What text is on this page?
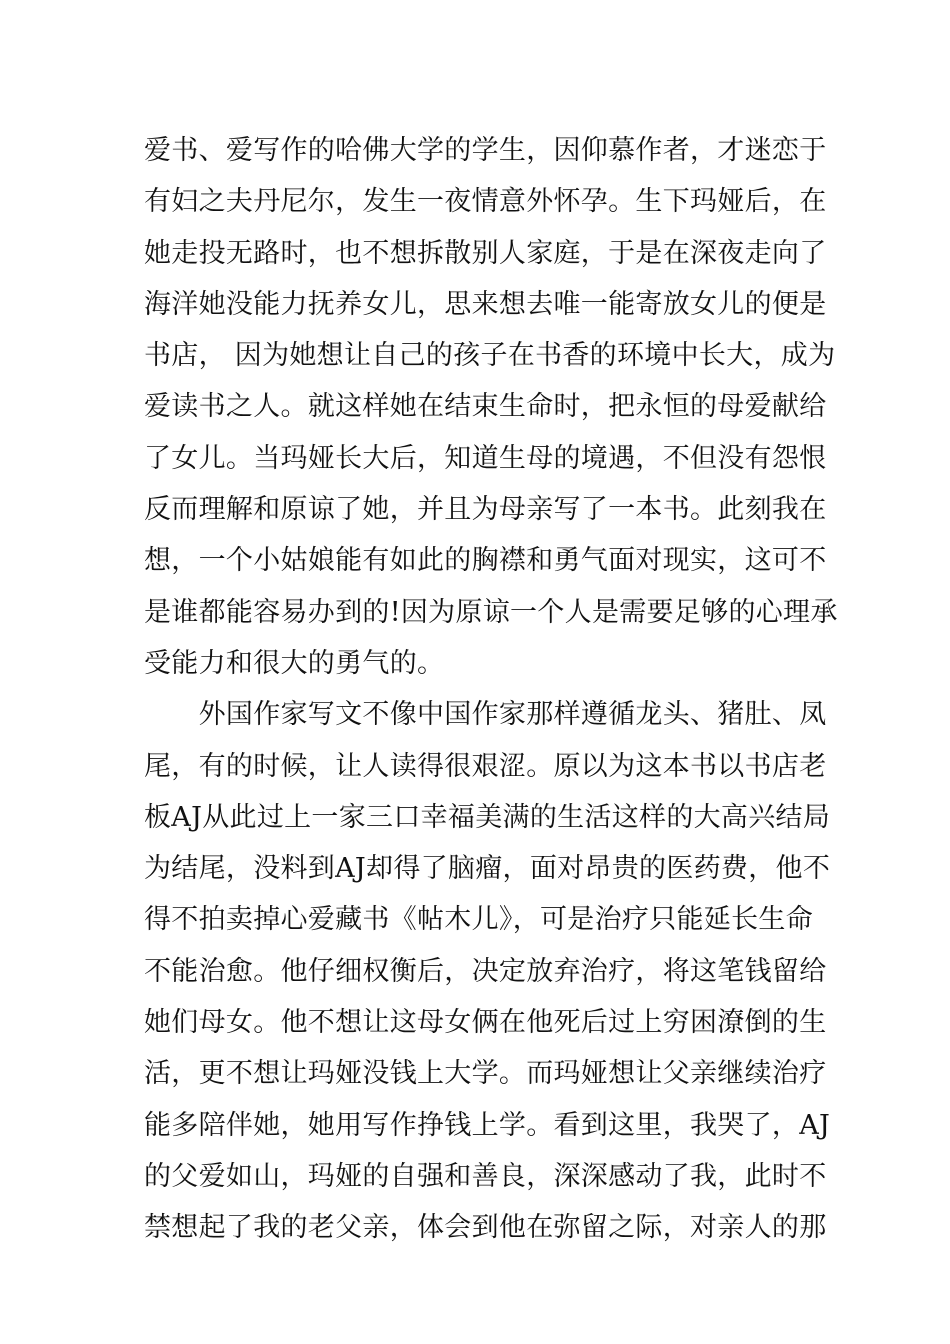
爱书、爱写作的哈佛大学的学生，因仰慕作者，才迷恋于
有妇之夫丹尼尔，发生一夜情意外怀孕。生下玛娅后，在
她走投无路时，也不想拆散别人家庭，于是在深夜走向了
海洋她没能力抚养女儿，思来想去唯一能寄放女儿的便是
书店， 因为她想让自己的孩子在书香的环境中长大，成为
爱读书之人。就这样她在结束生命时，把永恒的母爱献给
了女儿。当玛娅长大后，知道生母的境遇，不但没有怨恨
反而理解和原谅了她，并且为母亲写了一本书。此刻我在
想，一个小姑娘能有如此的胸襟和勇气面对现实，这可不
是谁都能容易办到的!因为原谅一个人是需要足够的心理承
受能力和很大的勇气的。
　　外国作家写文不像中国作家那样遵循龙头、猪肚、凤
尾，有的时候，让人读得很艰涩。原以为这本书以书店老
板AJ从此过上一家三口幸福美满的生活这样的大高兴结局
为结尾，没料到AJ却得了脑瘤，面对昂贵的医药费，他不
得不拍卖掉心爱藏书《帖木儿》，可是治疗只能延长生命
不能治愈。他仔细权衡后，决定放弃治疗，将这笔钱留给
她们母女。他不想让这母女俩在他死后过上穷困潦倒的生
活，更不想让玛娅没钱上大学。而玛娅想让父亲继续治疗
能多陪伴她，她用写作挣钱上学。看到这里，我哭了，AJ
的父爱如山，玛娅的自强和善良，深深感动了我，此时不
禁想起了我的老父亲，体会到他在弥留之际，对亲人的那
